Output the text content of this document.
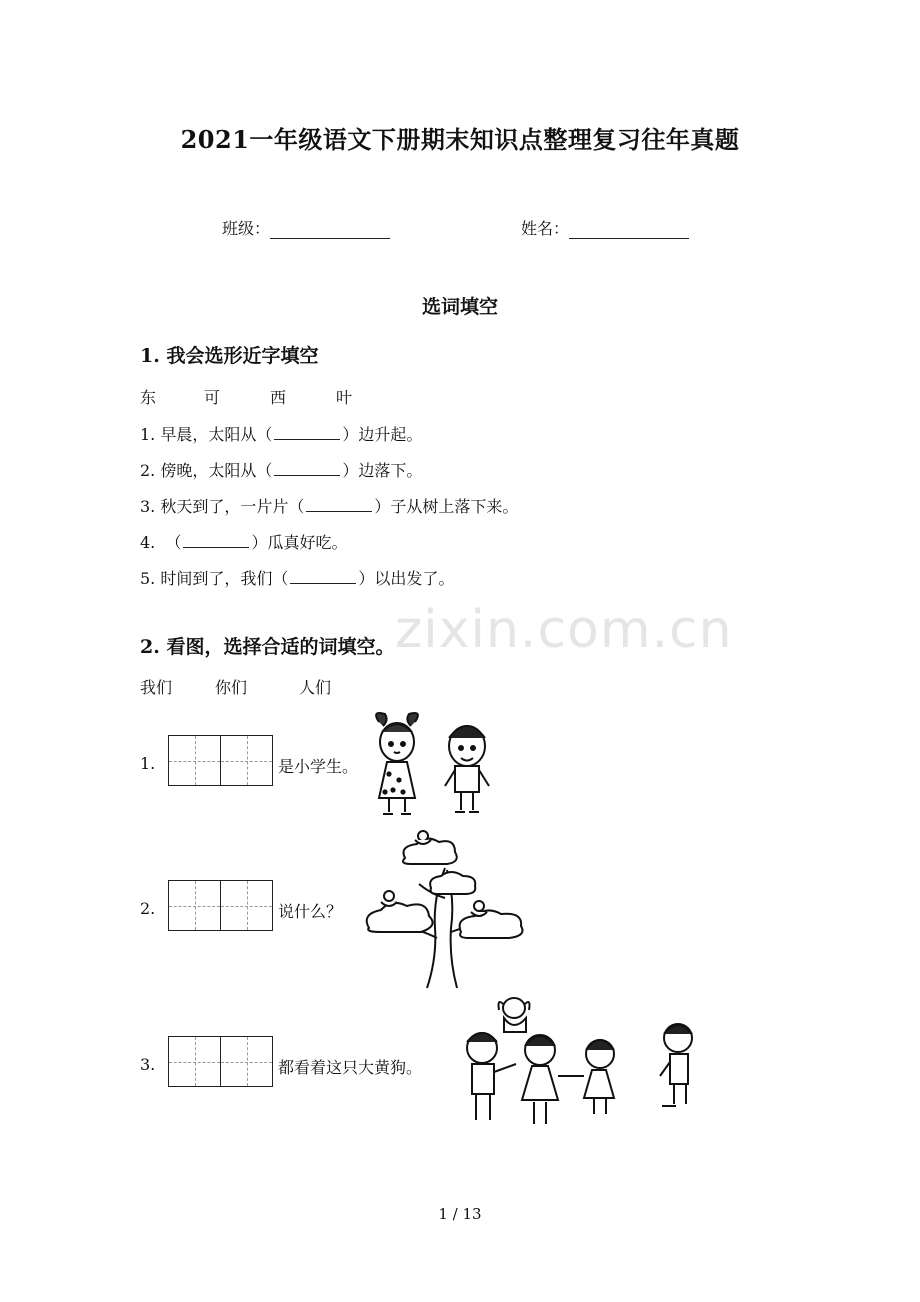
2021一年级语文下册期末知识点整理复习往年真题
班级：	姓名：
选词填空
1. 我会选形近字填空
东	可	西	叶
1. 早晨，太阳从（	）边升起。
2. 傍晚，太阳从（	）边落下。
3. 秋天到了，一片片（	）子从树上落下来。
4. （	）瓜真好吃。
5. 时间到了，我们（	）以出发了。
zixin.com.cn
2. 看图，选择合适的词填空。
我们	你们	人们
1.	是小学生。
2.	说什么？
3.	都看着这只大黄狗。
1 / 13
